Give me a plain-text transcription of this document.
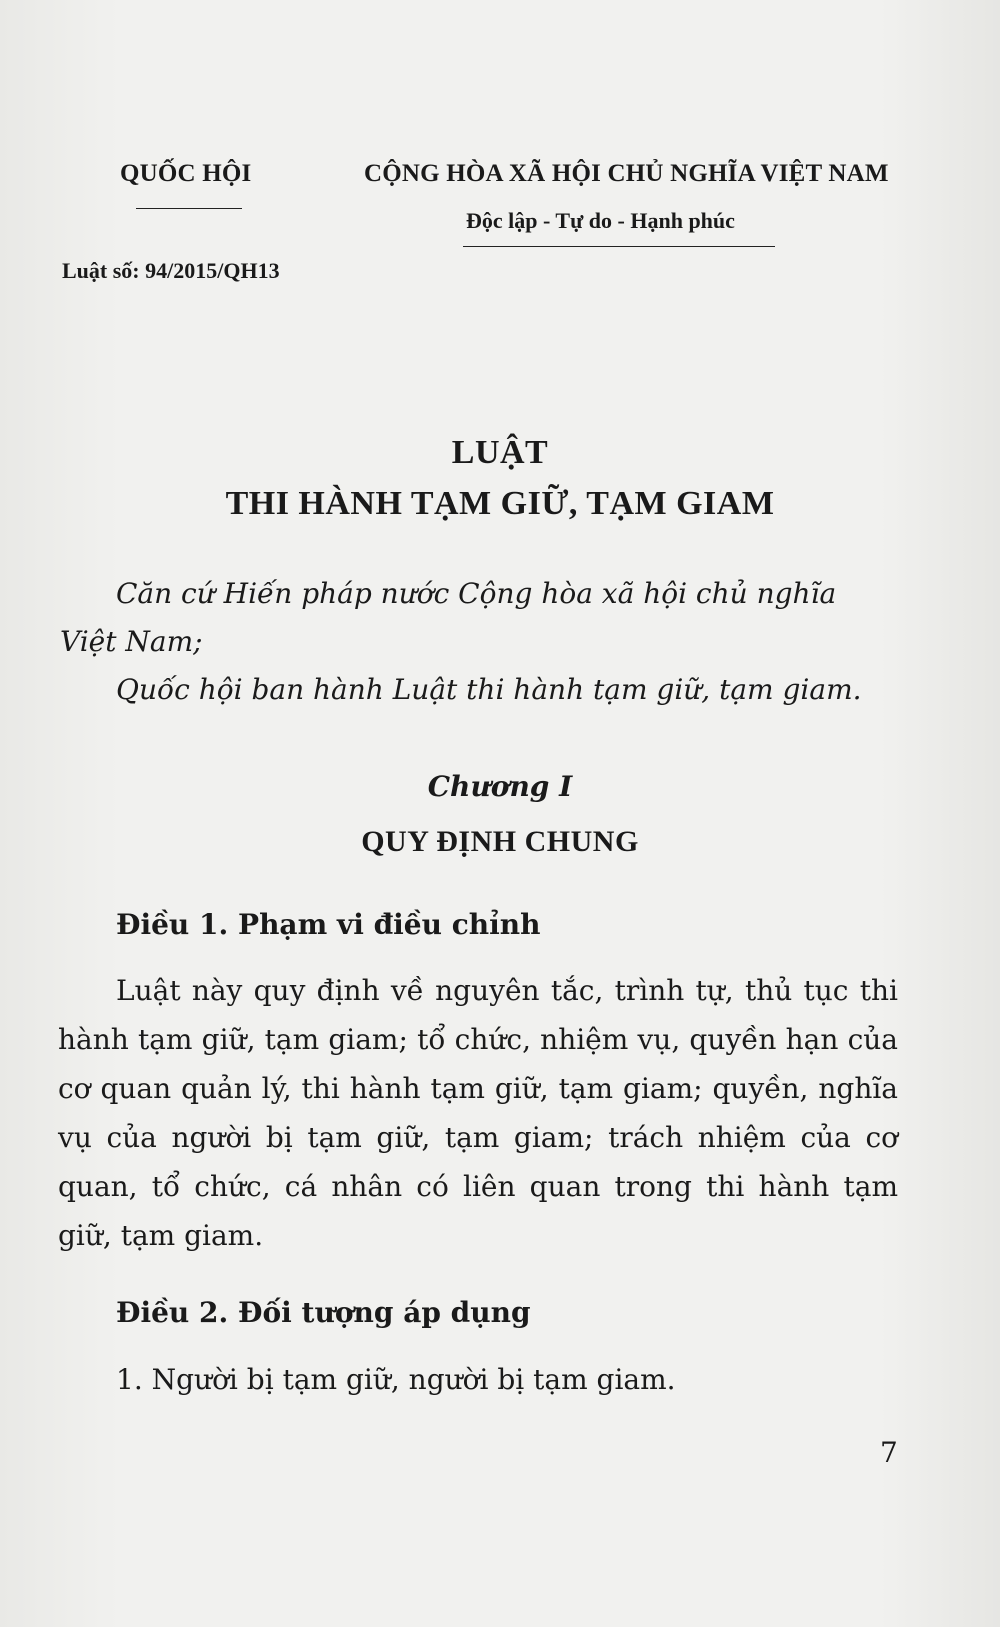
QUỐC HỘI	CỘNG HÒA XÃ HỘI CHỦ NGHĨA VIỆT NAM
Độc lập - Tự do - Hạnh phúc
Luật số: 94/2015/QH13
LUẬT
THI HÀNH TẠM GIỮ, TẠM GIAM
Căn cứ Hiến pháp nước Cộng hòa xã hội chủ nghĩa Việt Nam;
Quốc hội ban hành Luật thi hành tạm giữ, tạm giam.
Chương I
QUY ĐỊNH CHUNG
Điều 1. Phạm vi điều chỉnh
Luật này quy định về nguyên tắc, trình tự, thủ tục thi hành tạm giữ, tạm giam; tổ chức, nhiệm vụ, quyền hạn của cơ quan quản lý, thi hành tạm giữ, tạm giam; quyền, nghĩa vụ của người bị tạm giữ, tạm giam; trách nhiệm của cơ quan, tổ chức, cá nhân có liên quan trong thi hành tạm giữ, tạm giam.
Điều 2. Đối tượng áp dụng
1. Người bị tạm giữ, người bị tạm giam.
7
